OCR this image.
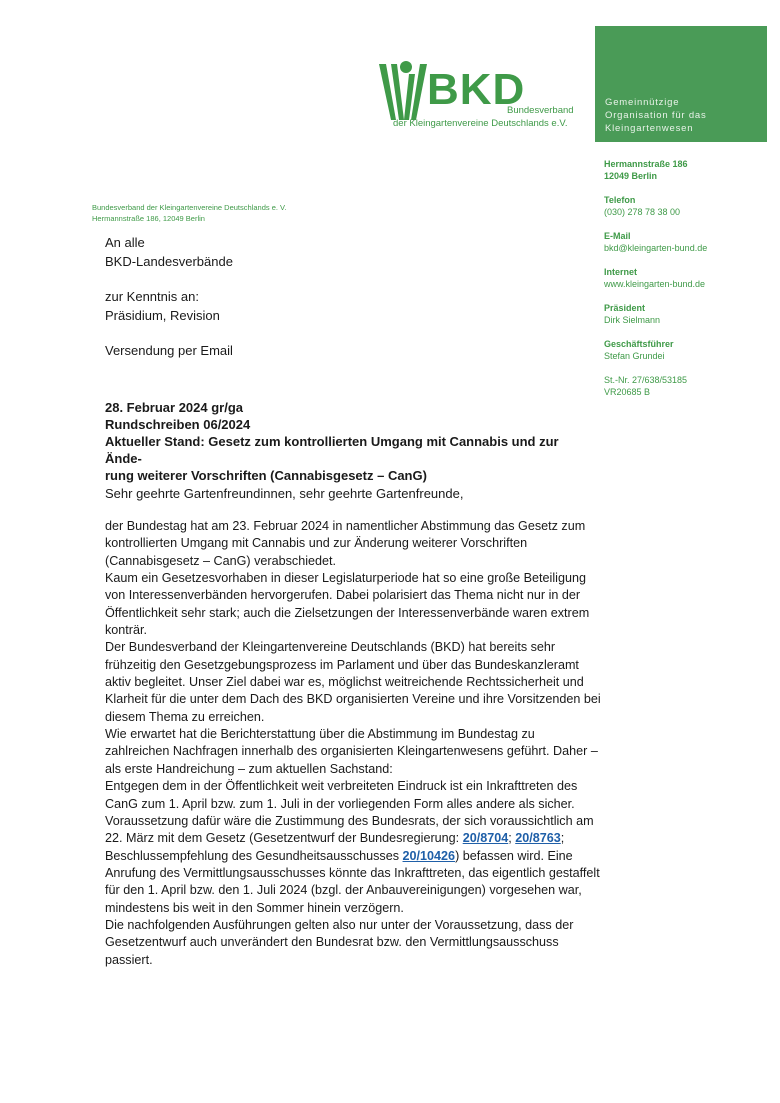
BKD
Bundesverband
der Kleingartenvereine Deutschlands e.V.
Gemeinnützige
Organisation für das
Kleingartenwesen
Hermannstraße 186
12049 Berlin
Telefon
(030) 278 78 38 00
E-Mail
bkd@kleingarten-bund.de
Internet
www.kleingarten-bund.de
Präsident
Dirk Sielmann
Geschäftsführer
Stefan Grundei
St.-Nr. 27/638/53185
VR20685 B
Bundesverband der Kleingartenvereine Deutschlands e. V.
Hermannstraße 186, 12049 Berlin
An alle
BKD-Landesverbände
zur Kenntnis an:
Präsidium, Revision
Versendung per Email
28. Februar 2024 gr/ga
Rundschreiben 06/2024
Aktueller Stand: Gesetz zum kontrollierten Umgang mit Cannabis und zur Ände-
rung weiterer Vorschriften (Cannabisgesetz – CanG)
Sehr geehrte Gartenfreundinnen, sehr geehrte Gartenfreunde,

der Bundestag hat am 23. Februar 2024 in namentlicher Abstimmung das Gesetz zum kontrollierten Umgang mit Cannabis und zur Änderung weiterer Vorschriften (Cannabisgesetz – CanG) verabschiedet.

Kaum ein Gesetzesvorhaben in dieser Legislaturperiode hat so eine große Beteiligung von Interessenverbänden hervorgerufen. Dabei polarisiert das Thema nicht nur in der Öffentlichkeit sehr stark; auch die Zielsetzungen der Interessenverbände waren extrem konträr.

Der Bundesverband der Kleingartenvereine Deutschlands (BKD) hat bereits sehr frühzeitig den Gesetzgebungsprozess im Parlament und über das Bundeskanzleramt aktiv begleitet. Unser Ziel dabei war es, möglichst weitreichende Rechtssicherheit und Klarheit für die unter dem Dach des BKD organisierten Vereine und ihre Vorsitzenden bei diesem Thema zu erreichen.

Wie erwartet hat die Berichterstattung über die Abstimmung im Bundestag zu zahlreichen Nachfragen innerhalb des organisierten Kleingartenwesens geführt. Daher – als erste Handreichung – zum aktuellen Sachstand:

Entgegen dem in der Öffentlichkeit weit verbreiteten Eindruck ist ein Inkrafttreten des CanG zum 1. April bzw. zum 1. Juli in der vorliegenden Form alles andere als sicher. Voraussetzung dafür wäre die Zustimmung des Bundesrats, der sich voraussichtlich am 22. März mit dem Gesetz (Gesetzentwurf der Bundesregierung: 20/8704; 20/8763; Beschlussempfehlung des Gesundheitsausschusses 20/10426) befassen wird. Eine Anrufung des Vermittlungsausschusses könnte das Inkrafttreten, das eigentlich gestaffelt für den 1. April bzw. den 1. Juli 2024 (bzgl. der Anbauvereinigungen) vorgesehen war, mindestens bis weit in den Sommer hinein verzögern.

Die nachfolgenden Ausführungen gelten also nur unter der Voraussetzung, dass der Gesetzentwurf auch unverändert den Bundesrat bzw. den Vermittlungsausschuss passiert.
